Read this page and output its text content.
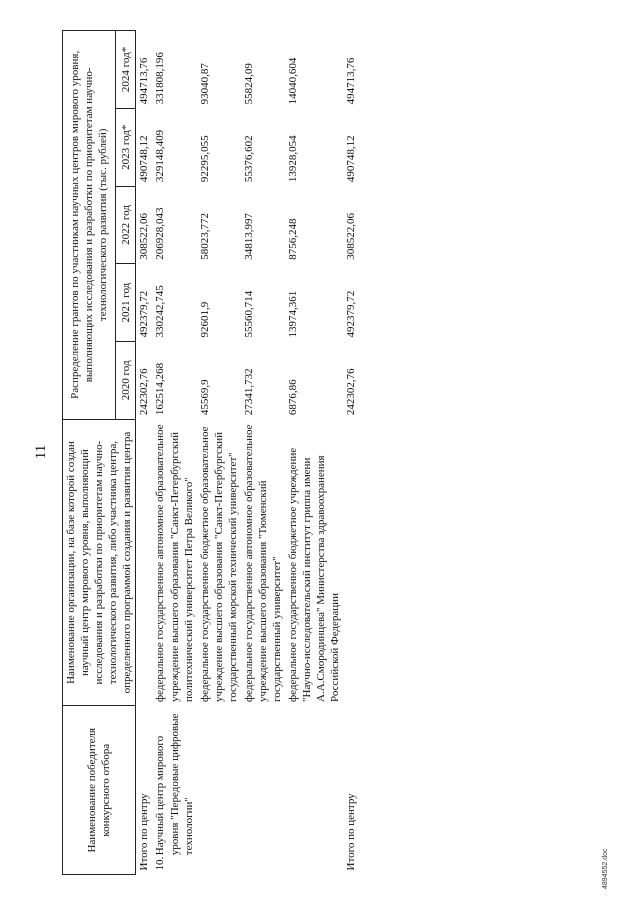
11
Наименование победителя конкурсного отбора		Наименование организации, на базе которой создан научный центр мирового уровня, выполняющий исследования и разработки по приоритетам научно-технологического развития, либо участника центра, определенного программой создания и развития центра	Распределение грантов по участникам научных центров мирового уровня, выполняющих исследования и разработки по приоритетам научно-технологического развития (тыс. рублей)				
			2020 год	2021 год	2022 год	2023 год*	2024 год*
Итого по центру			242302,76	492379,72	308522,06	490748,12	494713,76
10.	Научный центр мирового уровня "Передовые цифровые технологии"	федеральное государственное автономное образовательное учреждение высшего образования "Санкт-Петербургский политехнический университет Петра Великого"	162514,268	330242,745	206928,043	329148,409	331808,196
		федеральное государственное бюджетное образовательное учреждение высшего образования "Санкт-Петербургский государственный морской технический университет"	45569,9	92601,9	58023,772	92295,055	93040,87
		федеральное государственное автономное образовательное учреждение высшего образования "Тюменский государственный университет"	27341,732	55560,714	34813,997	55376,602	55824,09
		федеральное государственное бюджетное учреждение "Научно-исследовательский институт гриппа имени А.А.Смородинцева" Министерства здравоохранения Российской Федерации	6876,86	13974,361	8756,248	13928,054	14040,604
Итого по центру			242302,76	492379,72	308522,06	490748,12	494713,76
4894552.doc
